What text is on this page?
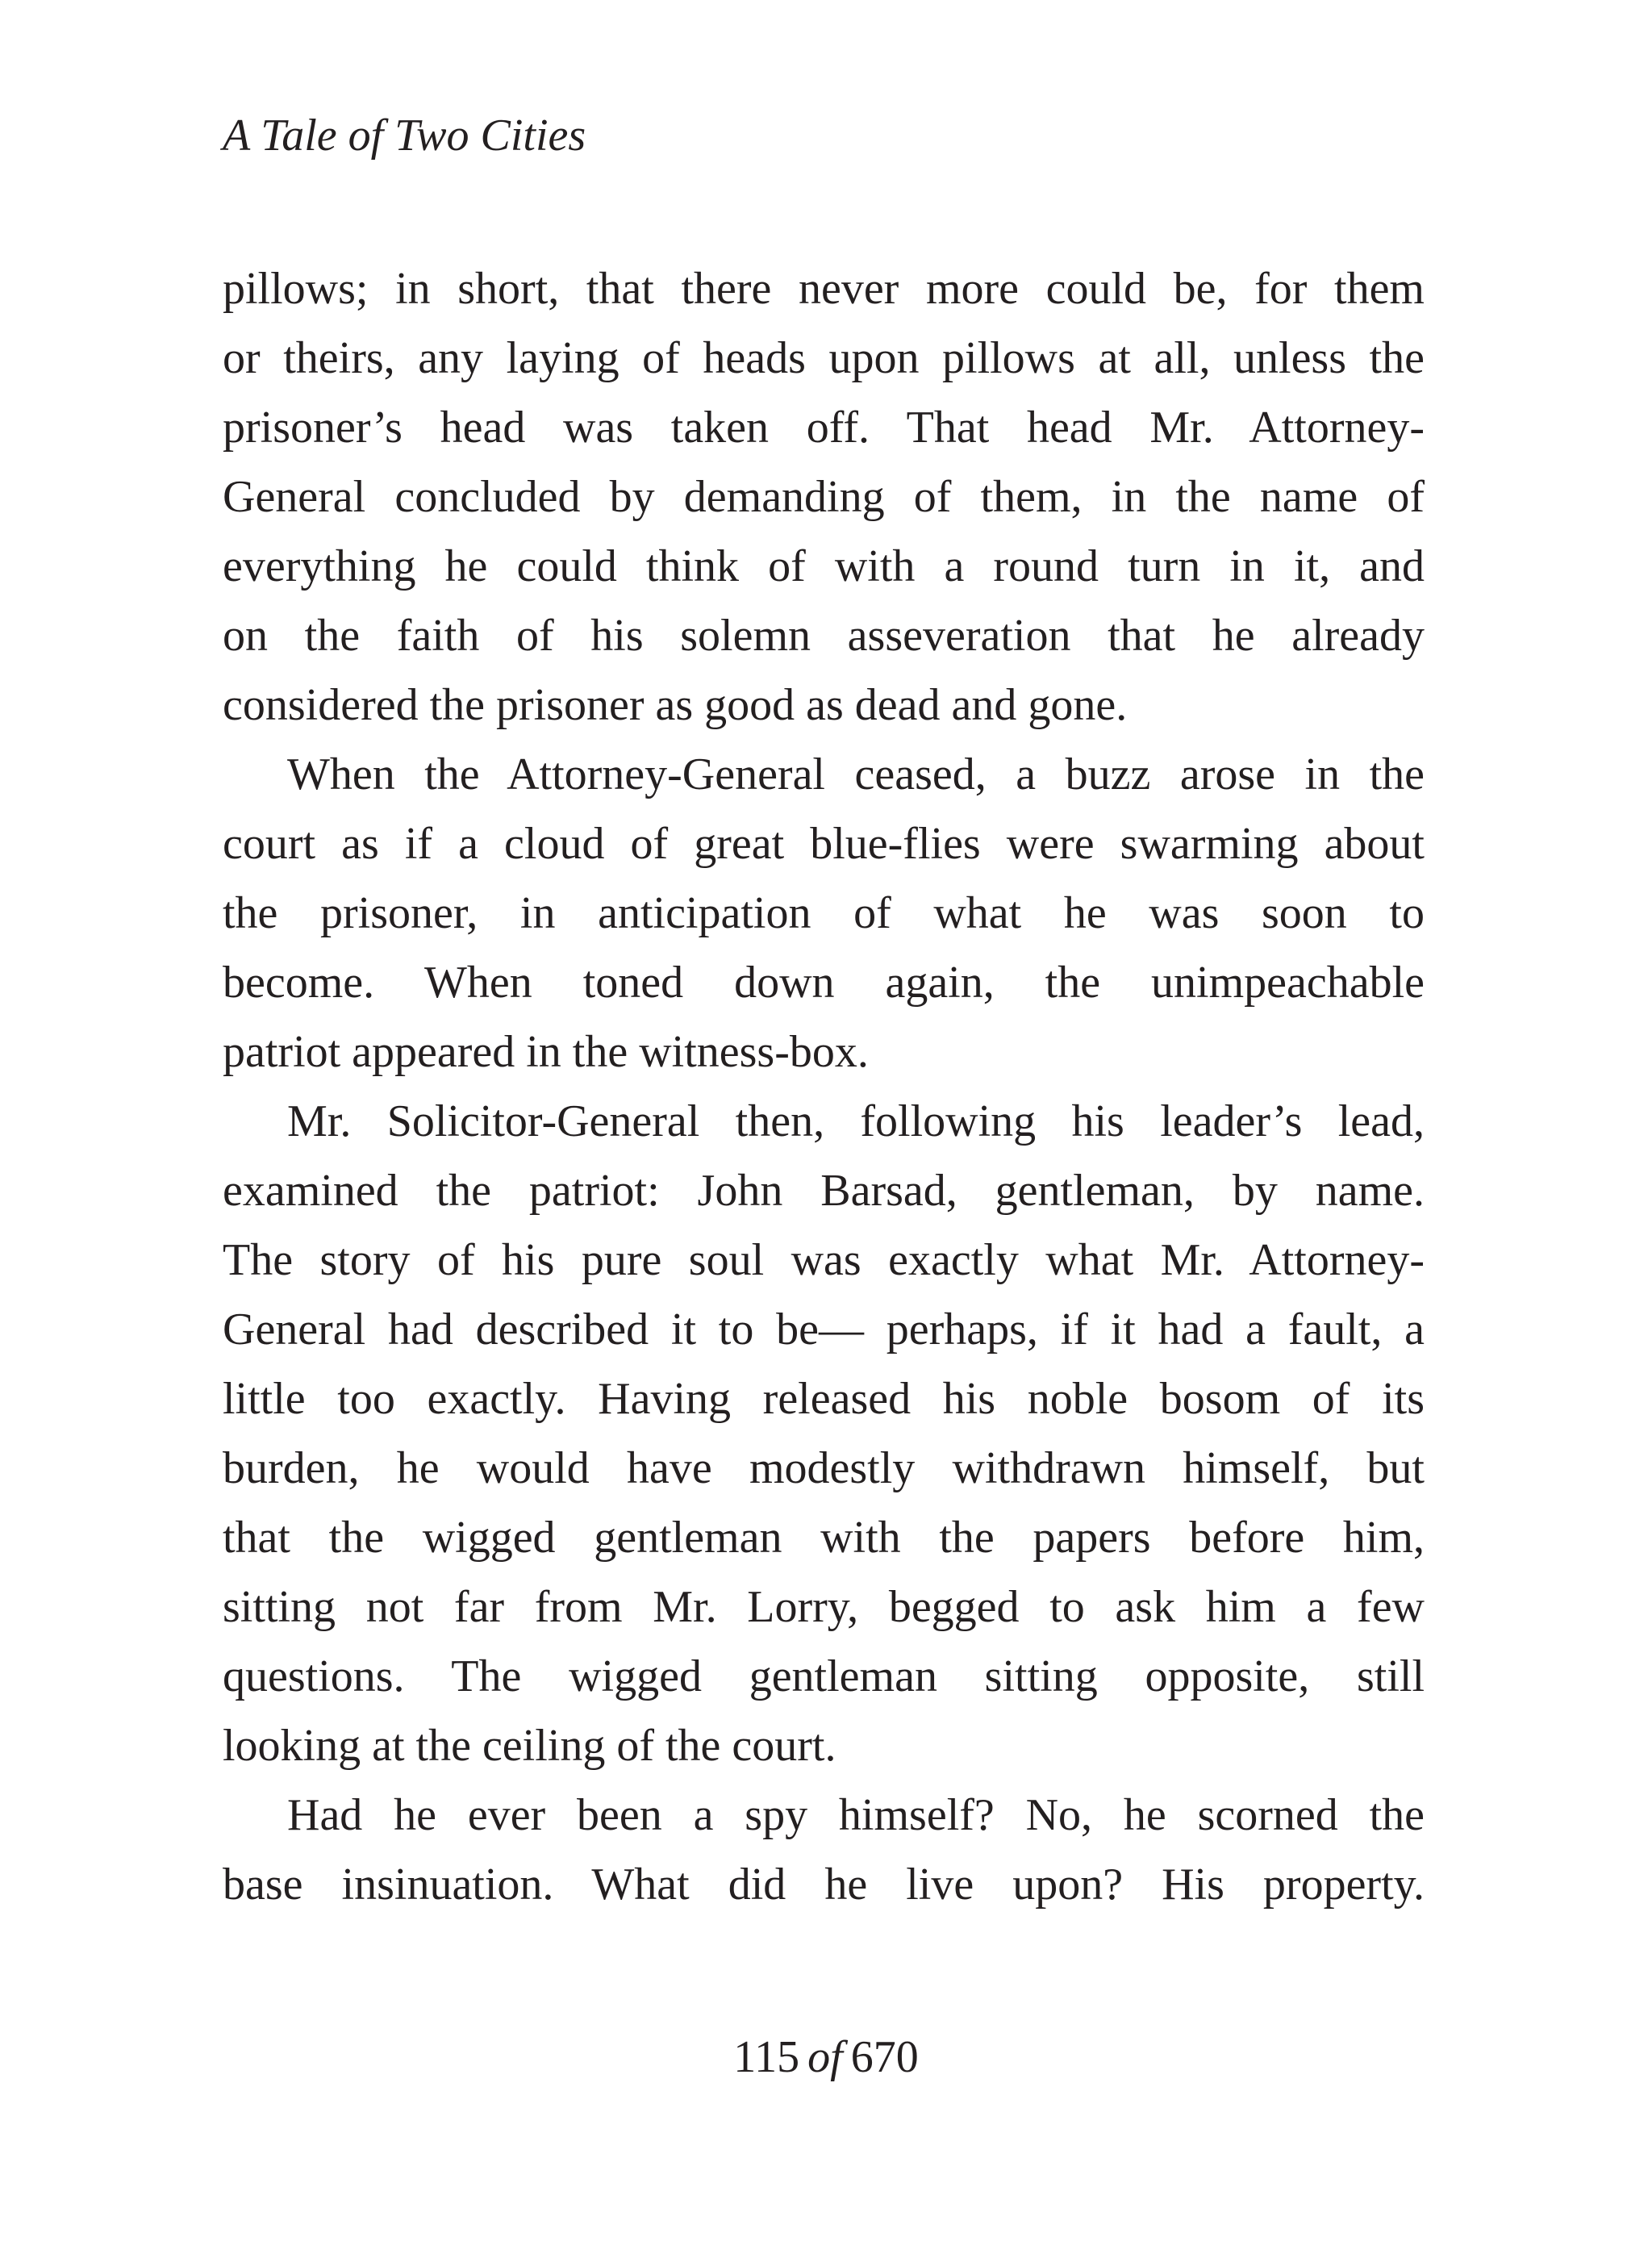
A Tale of Two Cities
pillows; in short, that there never more could be, for them
or theirs, any laying of heads upon pillows at all, unless the
prisoner’s head was taken off. That head Mr. Attorney-
General concluded by demanding of them, in the name of
everything he could think of with a round turn in it, and
on the faith of his solemn asseveration that he already
considered the prisoner as good as dead and gone.
When the Attorney-General ceased, a buzz arose in the
court as if a cloud of great blue-flies were swarming about
the prisoner, in anticipation of what he was soon to
become. When toned down again, the unimpeachable
patriot appeared in the witness-box.
Mr. Solicitor-General then, following his leader’s lead,
examined the patriot: John Barsad, gentleman, by name.
The story of his pure soul was exactly what Mr. Attorney-
General had described it to be— perhaps, if it had a fault, a
little too exactly. Having released his noble bosom of its
burden, he would have modestly withdrawn himself, but
that the wigged gentleman with the papers before him,
sitting not far from Mr. Lorry, begged to ask him a few
questions. The wigged gentleman sitting opposite, still
looking at the ceiling of the court.
Had he ever been a spy himself? No, he scorned the
base insinuation. What did he live upon? His property.
115 of 670
